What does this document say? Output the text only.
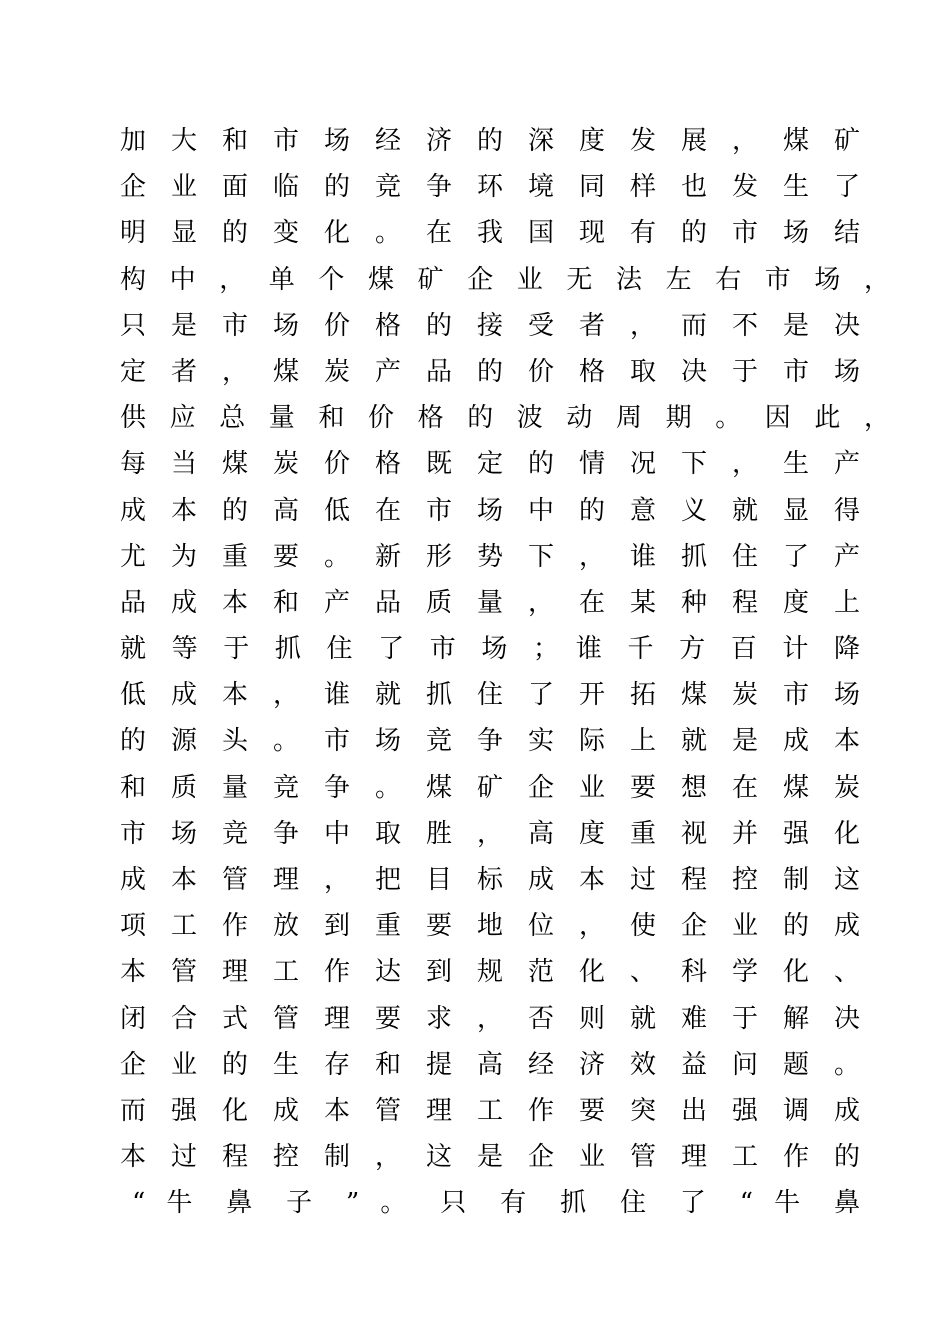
加 大 和 市 场 经 济 的 深 度 发 展 ， 煤 矿
企 业 面 临 的 竞 争 环 境 同 样 也 发 生 了
明 显 的 变 化 。 在 我 国 现 有 的 市 场 结
构 中 ， 单 个 煤 矿 企 业 无 法 左 右 市 场 ，
只 是 市 场 价 格 的 接 受 者 ， 而 不 是 决
定 者 ， 煤 炭 产 品 的 价 格 取 决 于 市 场
供 应 总 量 和 价 格 的 波 动 周 期 。 因 此 ，
每 当 煤 炭 价 格 既 定 的 情 况 下 ， 生 产
成 本 的 高 低 在 市 场 中 的 意 义 就 显 得
尤 为 重 要 。 新 形 势 下 ， 谁 抓 住 了 产
品 成 本 和 产 品 质 量 ， 在 某 种 程 度 上
就 等 于 抓 住 了 市 场 ； 谁 千 方 百 计 降
低 成 本 ， 谁 就 抓 住 了 开 拓 煤 炭 市 场
的 源 头 。 市 场 竞 争 实 际 上 就 是 成 本
和 质 量 竞 争 。 煤 矿 企 业 要 想 在 煤 炭
市 场 竞 争 中 取 胜 ， 高 度 重 视 并 强 化
成 本 管 理 ， 把 目 标 成 本 过 程 控 制 这
项 工 作 放 到 重 要 地 位 ， 使 企 业 的 成
本 管 理 工 作 达 到 规 范 化 、 科 学 化 、
闭 合 式 管 理 要 求 ， 否 则 就 难 于 解 决
企 业 的 生 存 和 提 高 经 济 效 益 问 题 。
而 强 化 成 本 管 理 工 作 要 突 出 强 调 成
本 过 程 控 制 ， 这 是 企 业 管 理 工 作 的
“ 牛 鼻 子 ” 。 只 有 抓 住 了 “ 牛 鼻
